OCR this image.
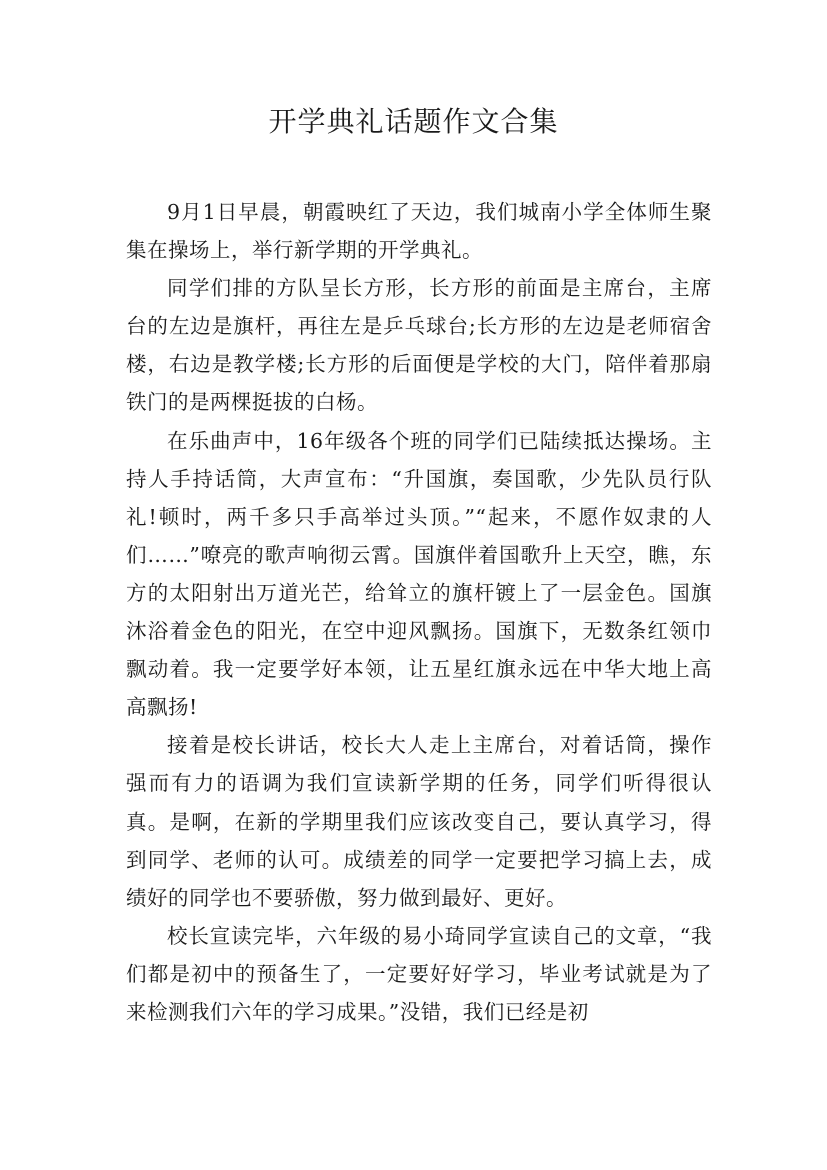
开学典礼话题作文合集

9月1日早晨，朝霞映红了天边，我们城南小学全体师生聚集在操场上，举行新学期的开学典礼。

同学们排的方队呈长方形，长方形的前面是主席台，主席台的左边是旗杆，再往左是乒乓球台;长方形的左边是老师宿舍楼，右边是教学楼;长方形的后面便是学校的大门，陪伴着那扇铁门的是两棵挺拔的白杨。

在乐曲声中，16年级各个班的同学们已陆续抵达操场。主持人手持话筒，大声宣布：“升国旗，奏国歌，少先队员行队礼!顿时，两千多只手高举过头顶。”“起来，不愿作奴隶的人们……”嘹亮的歌声响彻云霄。国旗伴着国歌升上天空，瞧，东方的太阳射出万道光芒，给耸立的旗杆镀上了一层金色。国旗沐浴着金色的阳光，在空中迎风飘扬。国旗下，无数条红领巾飘动着。我一定要学好本领，让五星红旗永远在中华大地上高高飘扬!

接着是校长讲话，校长大人走上主席台，对着话筒，操作强而有力的语调为我们宣读新学期的任务，同学们听得很认真。是啊，在新的学期里我们应该改变自己，要认真学习，得到同学、老师的认可。成绩差的同学一定要把学习搞上去，成绩好的同学也不要骄傲，努力做到最好、更好。

校长宣读完毕，六年级的易小琦同学宣读自己的文章，“我们都是初中的预备生了，一定要好好学习，毕业考试就是为了来检测我们六年的学习成果。”没错，我们已经是初
